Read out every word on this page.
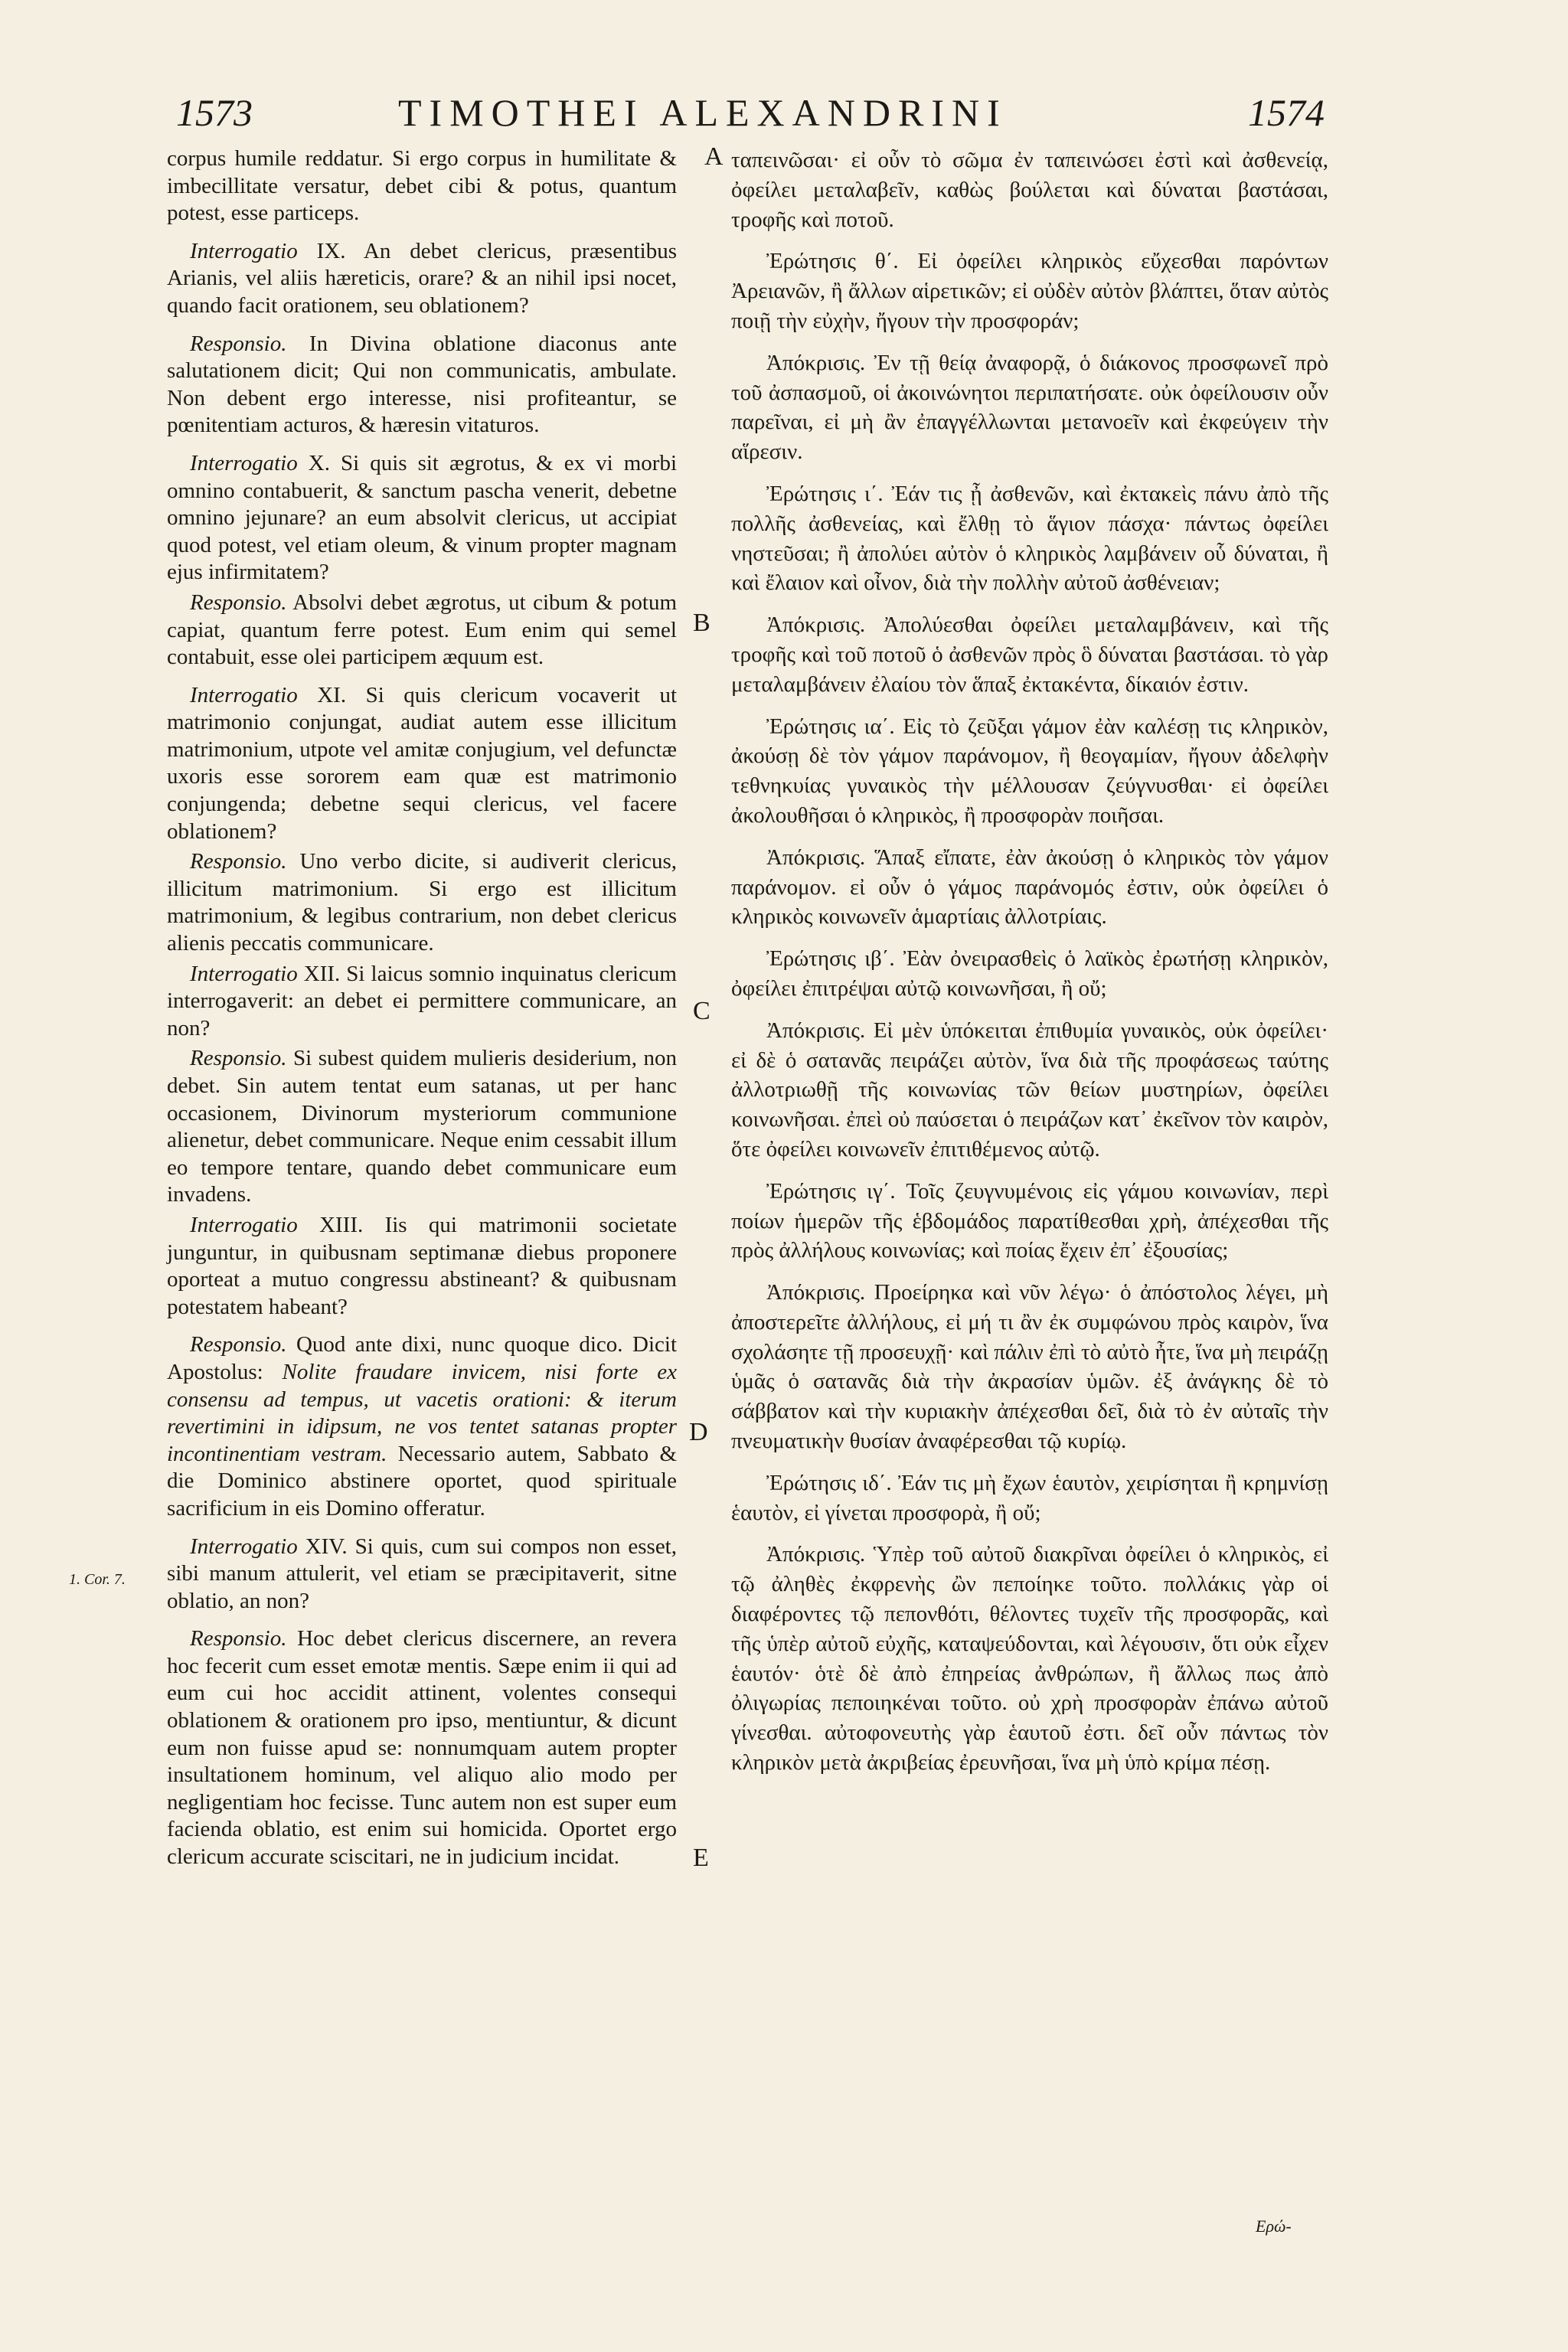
1573	TIMOTHEI ALEXANDRINI	1574

corpus humile reddatur. Si ergo corpus in humilitate & imbecillitate versatur, debet cibi & potus, quantum potest, esse particeps.

Interrogatio IX. An debet clericus, præsentibus Arianis, vel aliis hæreticis, orare? & an nihil ipsi nocet, quando facit orationem, seu oblationem?

Responsio. In Divina oblatione diaconus ante salutationem dicit; Qui non communicatis, ambulate. Non debent ergo interesse, nisi profiteantur, se pœnitentiam acturos, & hæresin vitaturos.

Interrogatio X. Si quis sit ægrotus, & ex vi morbi omnino contabuerit, & sanctum pascha venerit, debetne omnino jejunare? an eum absolvit clericus, ut accipiat quod potest, vel etiam oleum, & vinum propter magnam ejus infirmitatem?

Responsio. Absolvi debet ægrotus, ut cibum & potum capiat, quantum ferre potest. Eum enim qui semel contabuit, esse olei participem æquum est.

Interrogatio XI. Si quis clericum vocaverit ut matrimonio conjungat, audiat autem esse illicitum matrimonium, utpote vel amitæ conjugium, vel defunctæ uxoris esse sororem eam quæ est matrimonio conjungenda; debetne sequi clericus, vel facere oblationem?

Responsio. Uno verbo dicite, si audiverit clericus, illicitum matrimonium. Si ergo est illicitum matrimonium, & legibus contrarium, non debet clericus alienis peccatis communicare.

Interrogatio XII. Si laicus somnio inquinatus clericum interrogaverit: an debet ei permittere communicare, an non?

Responsio. Si subest quidem mulieris desiderium, non debet. Sin autem tentat eum satanas, ut per hanc occasionem, Divinorum mysteriorum communione alienetur, debet communicare. Neque enim cessabit illum eo tempore tentare, quando debet communicare eum invadens.

Interrogatio XIII. Iis qui matrimonii societate junguntur, in quibusnam septimanæ diebus proponere oporteat a mutuo congressu abstineant? & quibusnam potestatem habeant?

Responsio. Quod ante dixi, nunc quoque dico. Dicit Apostolus: Nolite fraudare invicem, nisi forte ex consensu ad tempus, ut vacetis orationi: & iterum revertimini in idipsum, ne vos tentet satanas propter incontinentiam vestram. Necessario autem, Sabbato & die Dominico abstinere oportet, quod spirituale sacrificium in eis Domino offeratur.

Interrogatio XIV. Si quis, cum sui compos non esset, sibi manum attulerit, vel etiam se præcipitaverit, sitne oblatio, an non?

Responsio. Hoc debet clericus discernere, an revera hoc fecerit cum esset emotæ mentis. Sæpe enim ii qui ad eum cui hoc accidit attinent, volentes consequi oblationem & orationem pro ipso, mentiuntur, & dicunt eum non fuisse apud se: nonnumquam autem propter insultationem hominum, vel aliquo alio modo per negligentiam hoc fecisse. Tunc autem non est super eum facienda oblatio, est enim sui homicida. Oportet ergo clericum accurate sciscitari, ne in judicium incidat.

ταπεινῶσαι· εἰ οὖν τὸ σῶμα ἐν ταπεινώσει ἐστὶ καὶ ἀσθενείᾳ, ὀφείλει μεταλαβεῖν, καθὼς βούλεται καὶ δύναται βαστάσαι, τροφῆς καὶ ποτοῦ.

Ἐρώτησις θ΄. Εἰ ὀφείλει κληρικὸς εὔχεσθαι παρόντων Ἀρειανῶν, ἢ ἄλλων αἱρετικῶν; εἰ οὐδὲν αὐτὸν βλάπτει, ὅταν αὐτὸς ποιῇ τὴν εὐχὴν, ἤγουν τὴν προσφοράν;

Ἀπόκρισις. Ἐν τῇ θείᾳ ἀναφορᾷ, ὁ διάκονος προσφωνεῖ πρὸ τοῦ ἀσπασμοῦ, οἱ ἀκοινώνητοι περιπατήσατε. οὐκ ὀφείλουσιν οὖν παρεῖναι, εἰ μὴ ἂν ἐπαγγέλλωνται μετανοεῖν καὶ ἐκφεύγειν τὴν αἵρεσιν.

Ἐρώτησις ι΄. Ἐάν τις ᾖ ἀσθενῶν, καὶ ἐκτακεὶς πάνυ ἀπὸ τῆς πολλῆς ἀσθενείας, καὶ ἔλθῃ τὸ ἅγιον πάσχα· πάντως ὀφείλει νηστεῦσαι; ἢ ἀπολύει αὐτὸν ὁ κληρικὸς λαμβάνειν οὗ δύναται, ἢ καὶ ἔλαιον καὶ οἶνον, διὰ τὴν πολλὴν αὐτοῦ ἀσθένειαν;

Ἀπόκρισις. Ἀπολύεσθαι ὀφείλει μεταλαμβάνειν, καὶ τῆς τροφῆς καὶ τοῦ ποτοῦ ὁ ἀσθενῶν πρὸς ὃ δύναται βαστάσαι. τὸ γὰρ μεταλαμβάνειν ἐλαίου τὸν ἅπαξ ἐκτακέντα, δίκαιόν ἐστιν.

Ἐρώτησις ια΄. Εἰς τὸ ζεῦξαι γάμον ἐὰν καλέσῃ τις κληρικὸν, ἀκούσῃ δὲ τὸν γάμον παράνομον, ἢ θεογαμίαν, ἤγουν ἀδελφὴν τεθνηκυίας γυναικὸς τὴν μέλλουσαν ζεύγνυσθαι· εἰ ὀφείλει ἀκολουθῆσαι ὁ κληρικὸς, ἢ προσφορὰν ποιῆσαι.

Ἀπόκρισις. Ἅπαξ εἴπατε, ἐὰν ἀκούσῃ ὁ κληρικὸς τὸν γάμον παράνομον. εἰ οὖν ὁ γάμος παράνομός ἐστιν, οὐκ ὀφείλει ὁ κληρικὸς κοινωνεῖν ἁμαρτίαις ἀλλοτρίαις.

Ἐρώτησις ιβ΄. Ἐὰν ὀνειρασθεὶς ὁ λαϊκὸς ἐρωτήσῃ κληρικὸν, ὀφείλει ἐπιτρέψαι αὐτῷ κοινωνῆσαι, ἢ οὔ;

Ἀπόκρισις. Εἰ μὲν ὑπόκειται ἐπιθυμία γυναικὸς, οὐκ ὀφείλει· εἰ δὲ ὁ σατανᾶς πειράζει αὐτὸν, ἵνα διὰ τῆς προφάσεως ταύτης ἀλλοτριωθῇ τῆς κοινωνίας τῶν θείων μυστηρίων, ὀφείλει κοινωνῆσαι. ἐπεὶ οὐ παύσεται ὁ πειράζων κατ᾽ ἐκεῖνον τὸν καιρὸν, ὅτε ὀφείλει κοινωνεῖν ἐπιτιθέμενος αὐτῷ.

Ἐρώτησις ιγ΄. Τοῖς ζευγνυμένοις εἰς γάμου κοινωνίαν, περὶ ποίων ἡμερῶν τῆς ἑβδομάδος παρατίθεσθαι χρὴ, ἀπέχεσθαι τῆς πρὸς ἀλλήλους κοινωνίας; καὶ ποίας ἔχειν ἐπ᾽ ἐξουσίας;

Ἀπόκρισις. Προείρηκα καὶ νῦν λέγω· ὁ ἀπόστολος λέγει, μὴ ἀποστερεῖτε ἀλλήλους, εἰ μή τι ἂν ἐκ συμφώνου πρὸς καιρὸν, ἵνα σχολάσητε τῇ προσευχῇ· καὶ πάλιν ἐπὶ τὸ αὐτὸ ἦτε, ἵνα μὴ πειράζῃ ὑμᾶς ὁ σατανᾶς διὰ τὴν ἀκρασίαν ὑμῶν. ἐξ ἀνάγκης δὲ τὸ σάββατον καὶ τὴν κυριακὴν ἀπέχεσθαι δεῖ, διὰ τὸ ἐν αὐταῖς τὴν πνευματικὴν θυσίαν ἀναφέρεσθαι τῷ κυρίῳ.

Ἐρώτησις ιδ΄. Ἐάν τις μὴ ἔχων ἑαυτὸν, χειρίσηται ἢ κρημνίσῃ ἑαυτὸν, εἰ γίνεται προσφορὰ, ἢ οὔ;

Ἀπόκρισις. Ὑπὲρ τοῦ αὐτοῦ διακρῖναι ὀφείλει ὁ κληρικὸς, εἰ τῷ ἀληθὲς ἐκφρενὴς ὢν πεποίηκε τοῦτο. πολλάκις γὰρ οἱ διαφέροντες τῷ πεπονθότι, θέλοντες τυχεῖν τῆς προσφορᾶς, καὶ τῆς ὑπὲρ αὐτοῦ εὐχῆς, καταψεύδονται, καὶ λέγουσιν, ὅτι οὐκ εἶχεν ἑαυτόν· ὁτὲ δὲ ἀπὸ ἐπηρείας ἀνθρώπων, ἢ ἄλλως πως ἀπὸ ὀλιγωρίας πεποιηκέναι τοῦτο. οὐ χρὴ προσφορὰν ἐπάνω αὐτοῦ γίνεσθαι. αὐτοφονευτὴς γὰρ ἑαυτοῦ ἐστι. δεῖ οὖν πάντως τὸν κληρικὸν μετὰ ἀκριβείας ἐρευνῆσαι, ἵνα μὴ ὑπὸ κρίμα πέσῃ.

A
B
C
D
E
1. Cor. 7.
Ερώ-
